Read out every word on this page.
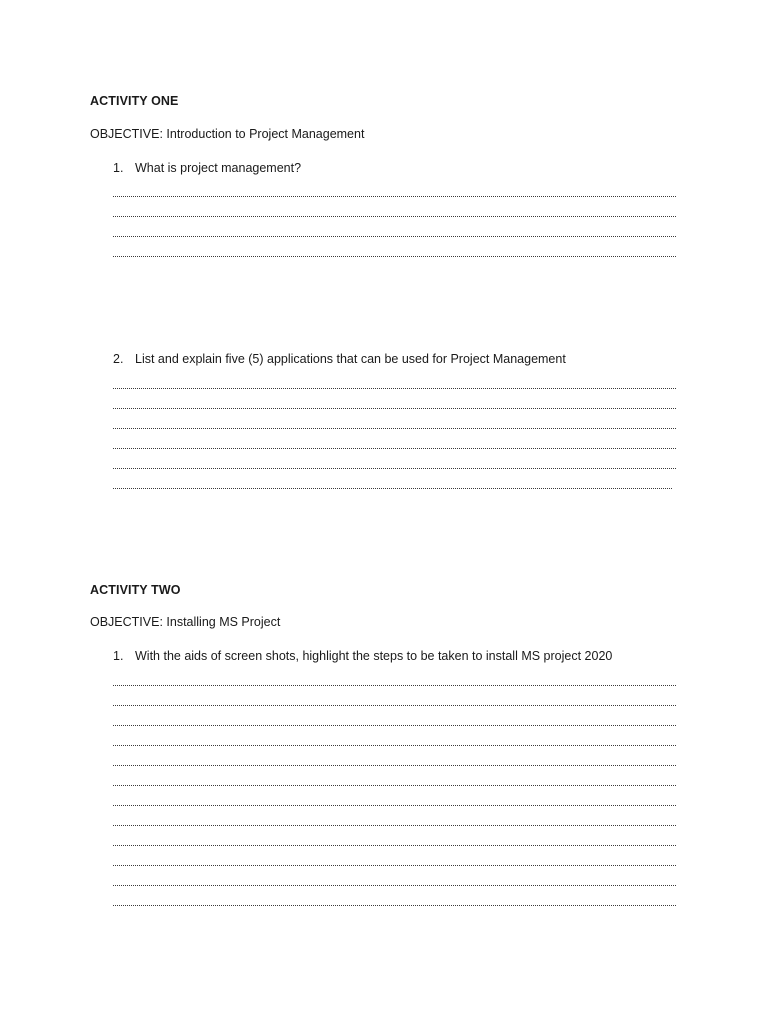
ACTIVITY ONE
OBJECTIVE: Introduction to Project Management
1. What is project management?
2. List and explain five (5) applications that can be used for Project Management
ACTIVITY TWO
OBJECTIVE: Installing MS Project
1. With the aids of screen shots, highlight the steps to be taken to install MS project 2020
